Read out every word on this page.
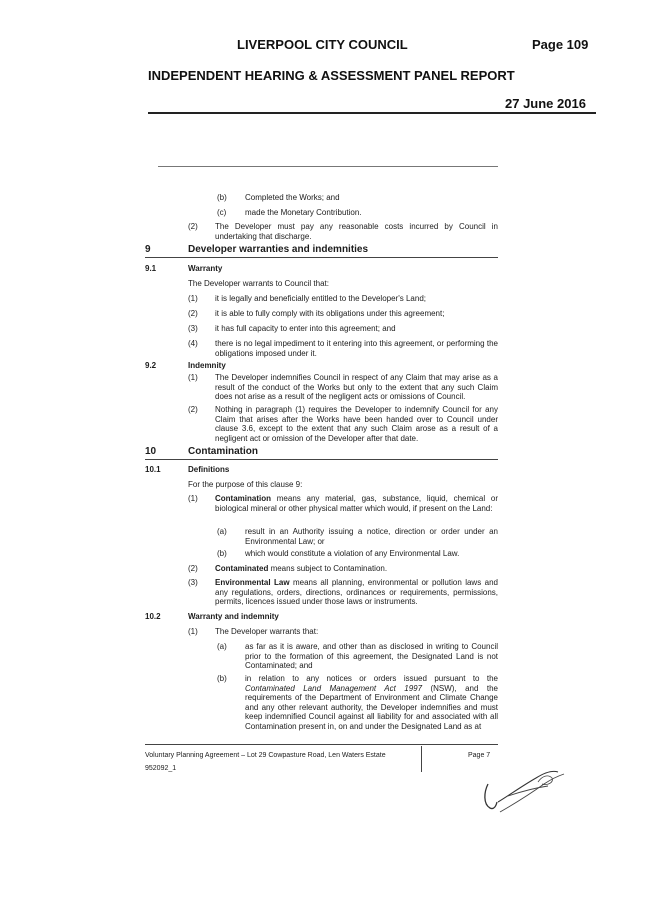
LIVERPOOL CITY COUNCIL	Page 109
INDEPENDENT HEARING & ASSESSMENT PANEL REPORT
27 June 2016
(b) Completed the Works; and
(c) made the Monetary Contribution.
(2) The Developer must pay any reasonable costs incurred by Council in undertaking that discharge.
9	Developer warranties and indemnities
9.1	Warranty
The Developer warrants to Council that:
(1) it is legally and beneficially entitled to the Developer's Land;
(2) it is able to fully comply with its obligations under this agreement;
(3) it has full capacity to enter into this agreement; and
(4) there is no legal impediment to it entering into this agreement, or performing the obligations imposed under it.
9.2	Indemnity
(1) The Developer indemnifies Council in respect of any Claim that may arise as a result of the conduct of the Works but only to the extent that any such Claim does not arise as a result of the negligent acts or omissions of Council.
(2) Nothing in paragraph (1) requires the Developer to indemnify Council for any Claim that arises after the Works have been handed over to Council under clause 3.6, except to the extent that any such Claim arose as a result of a negligent act or omission of the Developer after that date.
10	Contamination
10.1	Definitions
For the purpose of this clause 9:
(1) Contamination means any material, gas, substance, liquid, chemical or biological mineral or other physical matter which would, if present on the Land:
(a) result in an Authority issuing a notice, direction or order under an Environmental Law; or
(b) which would constitute a violation of any Environmental Law.
(2) Contaminated means subject to Contamination.
(3) Environmental Law means all planning, environmental or pollution laws and any regulations, orders, directions, ordinances or requirements, permissions, permits, licences issued under those laws or instruments.
10.2	Warranty and indemnity
(1) The Developer warrants that:
(a) as far as it is aware, and other than as disclosed in writing to Council prior to the formation of this agreement, the Designated Land is not Contaminated; and
(b) in relation to any notices or orders issued pursuant to the Contaminated Land Management Act 1997 (NSW), and the requirements of the Department of Environment and Climate Change and any other relevant authority, the Developer indemnifies and must keep indemnified Council against all liability for and associated with all Contamination present in, on and under the Designated Land as at
Voluntary Planning Agreement – Lot 29 Cowpasture Road, Len Waters Estate
952092_1
Page 7
